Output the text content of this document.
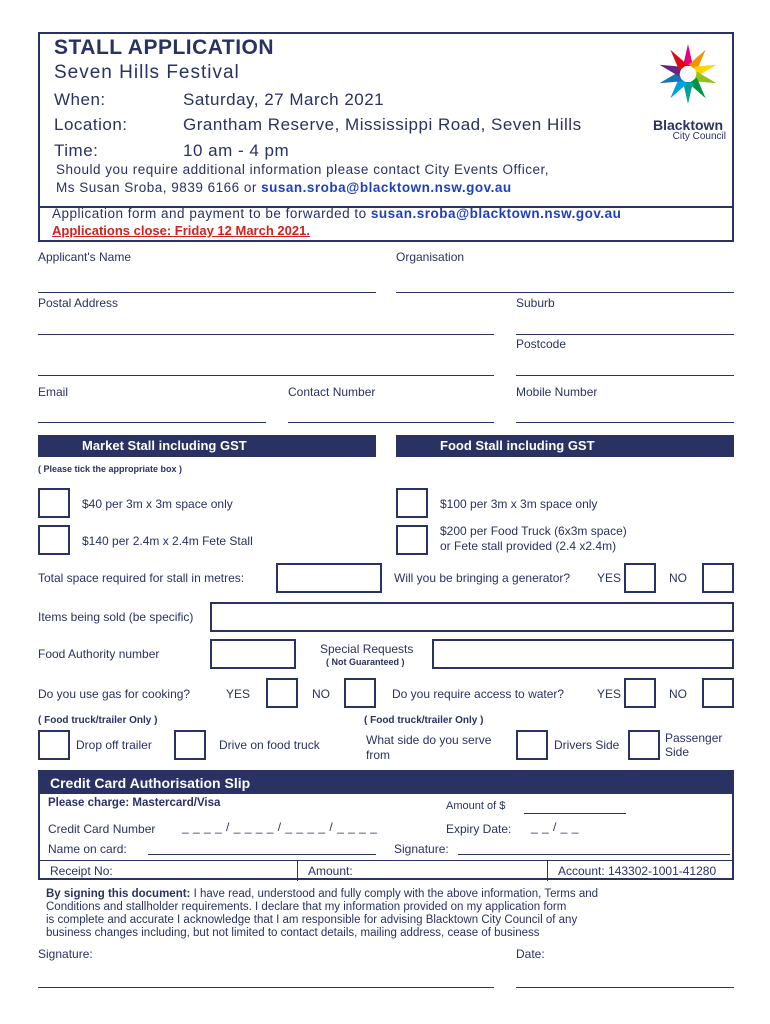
STALL APPLICATION
Seven Hills Festival
When:	Saturday, 27 March 2021
Location:	Grantham Reserve, Mississippi Road, Seven Hills
Time:	10 am - 4 pm
Should you require additional information please contact City Events Officer,
Ms Susan Sroba, 9839 6166 or susan.sroba@blacktown.nsw.gov.au
Blacktown
City Council
Application form and payment to be forwarded to susan.sroba@blacktown.nsw.gov.au
Applications close: Friday 12 March 2021.
Applicant's Name	Organisation
Postal Address	Suburb
Postcode
Email	Contact Number	Mobile Number
Market Stall including GST	Food Stall including GST
( Please tick the appropriate box )
$40 per 3m x 3m space only
$140 per 2.4m x 2.4m Fete Stall
$100 per 3m x 3m space only
$200 per Food Truck (6x3m space)
or Fete stall provided (2.4 x2.4m)
Total space required for stall in metres:	Will you be bringing a generator? YES	NO
Items being sold (be specific)
Food Authority number	Special Requests
( Not Guaranteed )
Do you use gas for cooking?	YES	NO	Do you require access to water?	YES	NO
( Food truck/trailer Only )	( Food truck/trailer Only )
Drop off trailer	Drive on food truck	What side do you serve
from
Drivers Side	Passenger
Side
Credit Card Authorisation Slip
Receipt No:	Amount:	Account: 143302-1001-41280
Please charge: Mastercard/Visa	Amount of $
Credit Card Number _ _ _ _ / _ _ _ _ / _ _ _ _ / _ _ _ _	Expiry Date: _ _ / _ _
Name on card:	Signature:
By signing this document: I have read, understood and fully comply with the above information, Terms and
Conditions and stallholder requirements. I declare that my information provided on my application form
is complete and accurate I acknowledge that I am responsible for advising Blacktown City Council of any
business changes including, but not limited to contact details, mailing address, cease of business
Signature:	Date:
